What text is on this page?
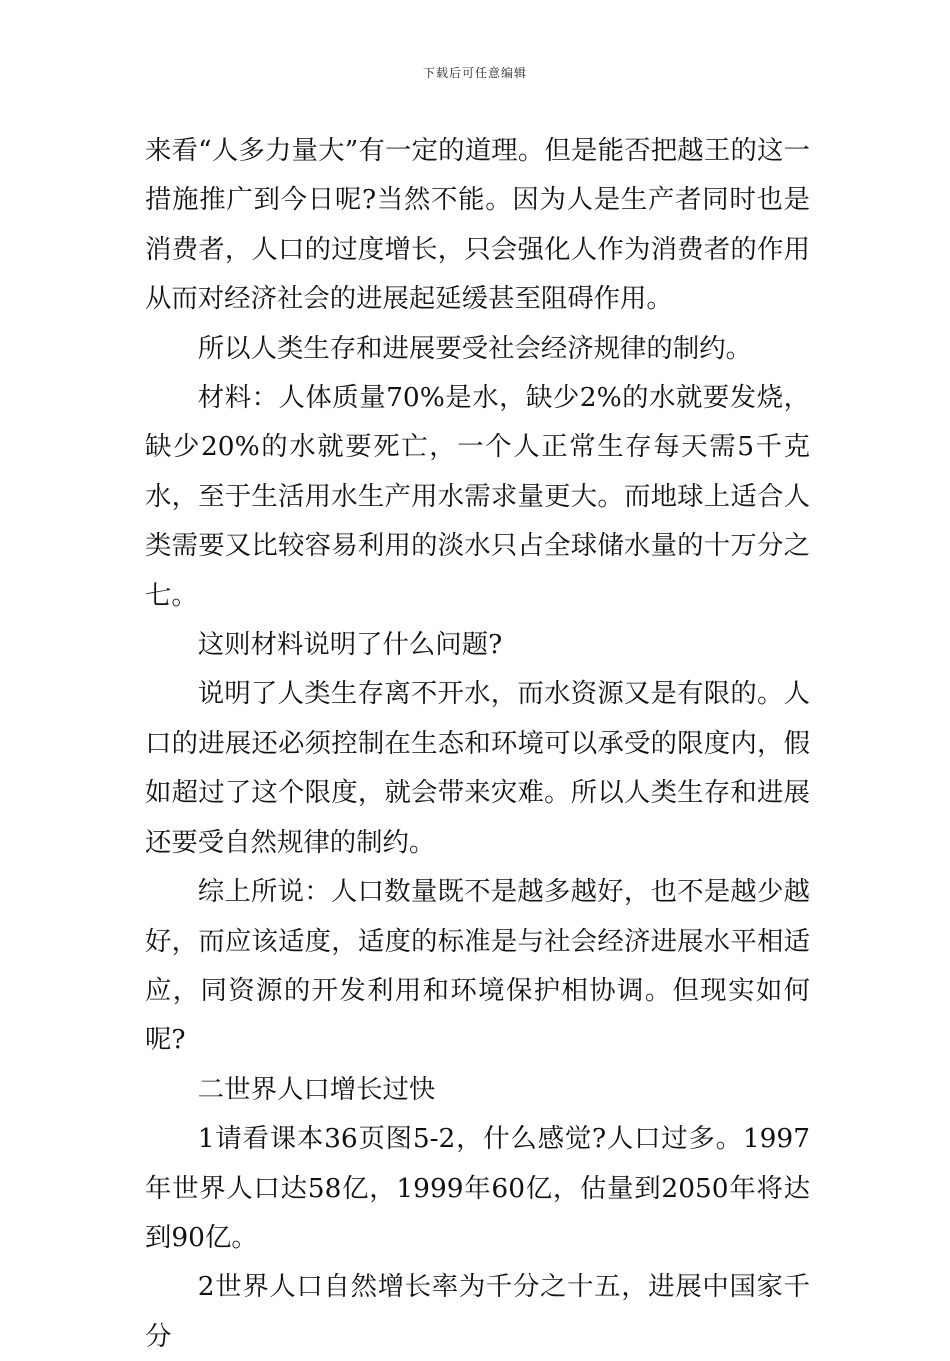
下载后可任意编辑

来看“人多力量大”有一定的道理。但是能否把越王的这一措施推广到今日呢?当然不能。因为人是生产者同时也是消费者，人口的过度增长，只会强化人作为消费者的作用从而对经济社会的进展起延缓甚至阻碍作用。

所以人类生存和进展要受社会经济规律的制约。

材料：人体质量70%是水，缺少2%的水就要发烧，缺少20%的水就要死亡，一个人正常生存每天需5千克水，至于生活用水生产用水需求量更大。而地球上适合人类需要又比较容易利用的淡水只占全球储水量的十万分之七。

这则材料说明了什么问题?

说明了人类生存离不开水，而水资源又是有限的。人口的进展还必须控制在生态和环境可以承受的限度内，假如超过了这个限度，就会带来灾难。所以人类生存和进展还要受自然规律的制约。

综上所说：人口数量既不是越多越好，也不是越少越好，而应该适度，适度的标准是与社会经济进展水平相适应，同资源的开发利用和环境保护相协调。但现实如何呢?

二世界人口增长过快

1请看课本36页图5-2，什么感觉?人口过多。1997年世界人口达58亿，1999年60亿，估量到2050年将达到90亿。

2世界人口自然增长率为千分之十五，进展中国家千分
